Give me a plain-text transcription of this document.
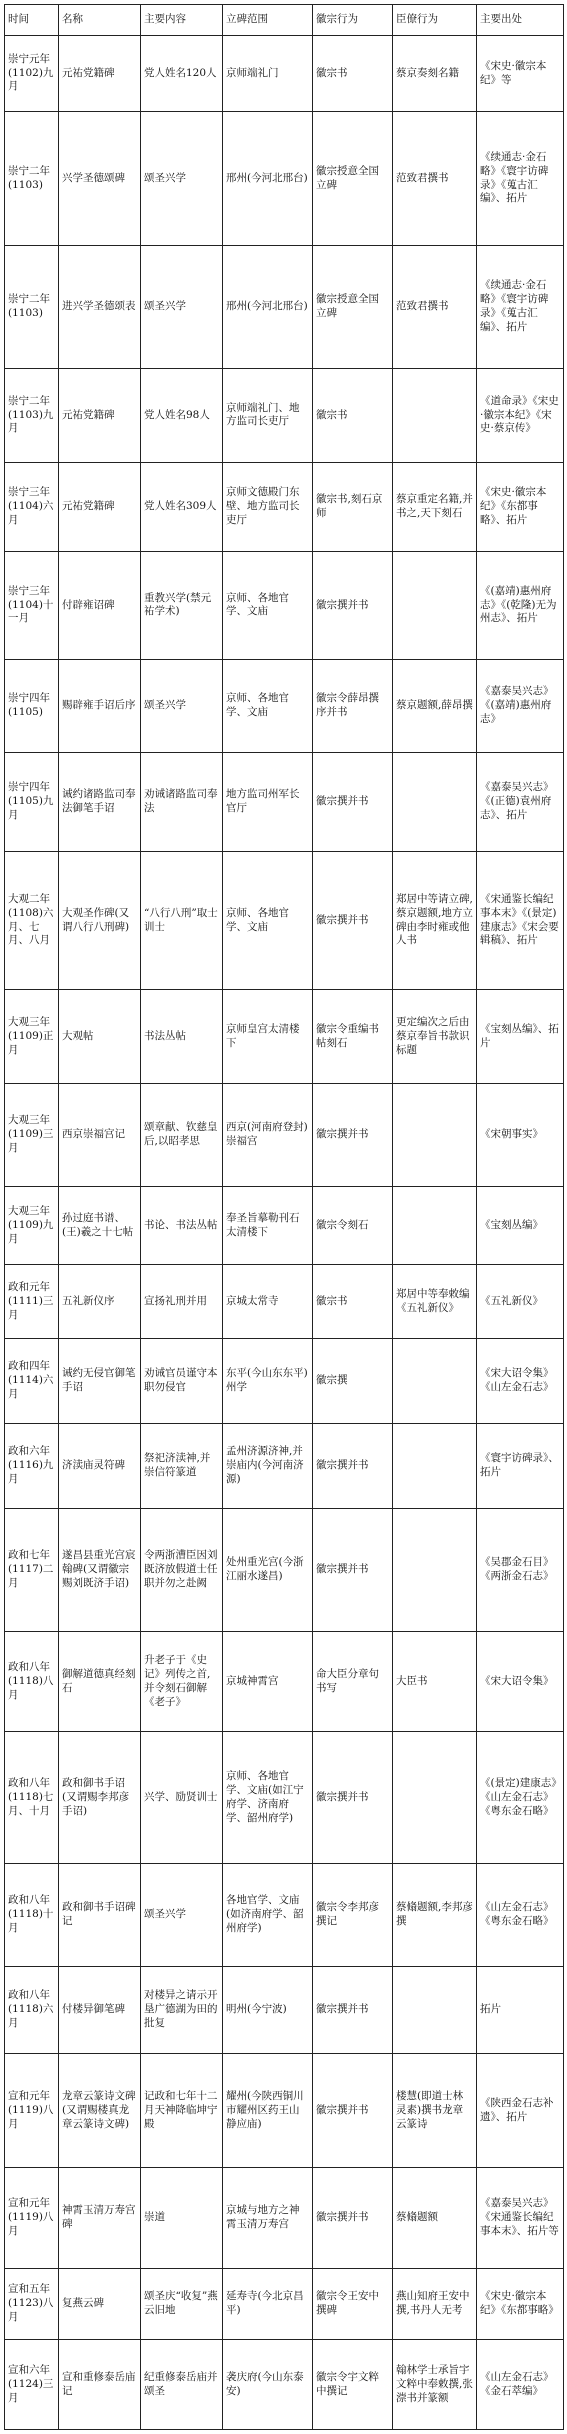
时间	名称	主要内容	立碑范围	徽宗行为	臣僚行为	主要出处
崇宁元年(1102)九月	元祐党籍碑	党人姓名120人	京师端礼门	徽宗书	蔡京奏刻名籍	《宋史·徽宗本纪》等
崇宁二年(1103)	兴学圣德颂碑	颂圣兴学	邢州(今河北邢台)	徽宗授意全国立碑	范致君撰书	《续通志·金石略》《寰宇访碑录》《蒐古汇编》、拓片
崇宁二年(1103)	进兴学圣德颂表	颂圣兴学	邢州(今河北邢台)	徽宗授意全国立碑	范致君撰书	《续通志·金石略》《寰宇访碑录》《蒐古汇编》、拓片
崇宁二年(1103)九月	元祐党籍碑	党人姓名98人	京师端礼门、地方监司长吏厅	徽宗书		《道命录》《宋史·徽宗本纪》《宋史·蔡京传》
崇宁三年(1104)六月	元祐党籍碑	党人姓名309人	京师文德殿门东壁、地方监司长吏厅	徽宗书,刻石京师	蔡京重定名籍,并书之,天下刻石	《宋史·徽宗本纪》《东都事略》、拓片
崇宁三年(1104)十一月	付辟雍诏碑	重教兴学(禁元祐学术)	京师、各地官学、文庙	徽宗撰并书		《(嘉靖)惠州府志》《(乾隆)无为州志》、拓片
崇宁四年(1105)	赐辟雍手诏后序	颂圣兴学	京师、各地官学、文庙	徽宗令薛昂撰序并书	蔡京题额,薛昂撰	《嘉泰吴兴志》《(嘉靖)惠州府志》
崇宁四年(1105)九月	诫约诸路监司奉法御笔手诏	劝诫诸路监司奉法	地方监司州军长官厅	徽宗撰并书		《嘉泰吴兴志》《(正德)袁州府志》、拓片
大观二年(1108)六月、七月、八月	大观圣作碑(又谓八行八刑碑)	“八行八刑”取士训士	京师、各地官学、文庙	徽宗撰并书	郑居中等请立碑,蔡京题额,地方立碑由李时雍或他人书	《宋通鉴长编纪事本末》《(景定)建康志》《宋会要辑稿》、拓片
大观三年(1109)正月	大观帖	书法丛帖	京师皇宫太清楼下	徽宗令重编书帖刻石	更定编次之后由蔡京奉旨书款识标题	《宝刻丛编》、拓片
大观三年(1109)三月	西京崇福宫记	颂章献、钦慈皇后,以昭孝思	西京(河南府登封)崇福宫	徽宗撰并书		《宋朝事实》
大观三年(1109)九月	孙过庭书谱、(王)羲之十七帖	书论、书法丛帖	奉圣旨摹勒刊石太清楼下	徽宗令刻石		《宝刻丛编》
政和元年(1111)三月	五礼新仪序	宣扬礼刑并用	京城太常寺	徽宗书	郑居中等奉敕编《五礼新仪》	《五礼新仪》
政和四年(1114)六月	诫约无侵官御笔手诏	劝诫官员谨守本职勿侵官	东平(今山东东平)州学	徽宗撰		《宋大诏令集》《山左金石志》
政和六年(1116)九月	济渎庙灵符碑	祭祀济渎神,并崇信符篆道	孟州济源济神,并崇庙内(今河南济源)	徽宗撰并书		《寰宇访碑录》、拓片
政和七年(1117)二月	遂昌县重光宫宸翰碑(又谓徽宗赐刘既济手诏)	令两浙漕臣因刘既济放假道士任职并勿之赴阙	处州重光宫(今浙江丽水遂昌)	徽宗撰并书		《吴郡金石目》《两浙金石志》
政和八年(1118)八月	御解道德真经刻石	升老子于《史记》列传之首,并令刻石御解《老子》	京城神霄宫	命大臣分章句书写	大臣书	《宋大诏令集》
政和八年(1118)七月、十月	政和御书手诏(又谓赐李邦彦手诏)	兴学、励贤训士	京师、各地官学、文庙(如江宁府学、济南府学、韶州府学)	徽宗撰并书		《(景定)建康志》《山左金石志》《粤东金石略》
政和八年(1118)十月	政和御书手诏碑记	颂圣兴学	各地官学、文庙(如济南府学、韶州府学)	徽宗令李邦彦撰记	蔡翛题额,李邦彦撰	《山左金石志》《粤东金石略》
政和八年(1118)六月	付楼异御笔碑	对楼异之请示开垦广德湖为田的批复	明州(今宁波)	徽宗撰并书		拓片
宣和元年(1119)八月	龙章云篆诗文碑(又谓赐楼真龙章云篆诗文碑)	记政和七年十二月天神降临坤宁殿	耀州(今陕西铜川市耀州区药王山静应庙)	徽宗撰并书	楼慧(即道士林灵素)撰书龙章云篆诗	《陕西金石志补遗》、拓片
宣和元年(1119)八月	神霄玉清万寿宫碑	崇道	京城与地方之神霄玉清万寿宫	徽宗撰并书	蔡翛题额	《嘉泰吴兴志》《宋通鉴长编纪事本末》、拓片等
宣和五年(1123)八月	复燕云碑	颂圣庆“收复”燕云旧地	延寿寺(今北京昌平)	徽宗令王安中撰碑	燕山知府王安中撰,书丹人无考	《宋史·徽宗本纪》《东都事略》
宣和六年(1124)三月	宣和重修泰岳庙记	纪重修泰岳庙并颂圣	袭庆府(今山东泰安)	徽宗令宇文粹中撰记	翰林学士承旨宇文粹中奉敕撰,张漴书并篆额	《山左金石志》《金石萃编》
